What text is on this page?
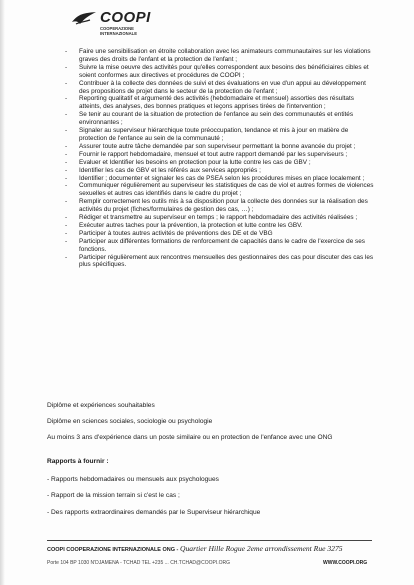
COOPI
COOPERAZIONE INTERNAZIONALE
- Faire une sensibilisation en étroite collaboration avec les animateurs communautaires sur les violations graves des droits de l'enfant et la protection de l'enfant ;
- Suivre la mise oeuvre des activités pour qu'elles correspondent aux besoins des bénéficiaires cibles et soient conformes aux directives et procédures de COOPI ;
- Contribuer à la collecte des données de suivi et des évaluations en vue d'un appui au développement des propositions de projet dans le secteur de la protection de l'enfant ;
- Reporting qualitatif et argumenté des activités (hebdomadaire et mensuel) assorties des résultats atteints, des analyses, des bonnes pratiques et leçons apprises tirées de l'intervention ;
- Se tenir au courant de la situation de protection de l'enfance au sein des communautés et entités environnantes ;
- Signaler au superviseur hiérarchique toute préoccupation, tendance et mis à jour en matière de protection de l'enfance au sein de la communauté ;
- Assurer toute autre tâche demandée par son superviseur permettant la bonne avancée du projet ;
- Fournir le rapport hebdomadaire, mensuel et tout autre rapport demandé par les superviseurs ;
- Evaluer et Identifier les besoins en protection pour la lutte contre les cas de GBV ;
- Identifier les cas de GBV et les référés aux services appropriés ;
- Identifier ; documenter et signaler les cas de PSEA selon les procédures mises en place localement ;
- Communiquer régulièrement au superviseur les statistiques de cas de viol et autres formes de violences sexuelles et autres cas identifiés dans le cadre du projet ;
- Remplir correctement les outils mis à sa disposition pour la collecte des données sur la réalisation des activités du projet (fiches/formulaires de gestion des cas, …) ;
- Rédiger et transmettre au superviseur en temps ; le rapport hebdomadaire des activités réalisées ;
- Exécuter autres taches pour la prévention, la protection et lutte contre les GBV.
- Participer à toutes autres activités de préventions des DE et de VBG
- Participer aux différentes formations de renforcement de capacités dans le cadre de l'exercice de ses fonctions.
- Participer régulièrement aux rencontres mensuelles des gestionnaires des cas pour discuter des cas les plus spécifiques.
Diplôme et expériences souhaitables
Diplôme en sciences sociales, sociologie ou psychologie
Au moins 3 ans d'expérience dans un poste similaire ou en protection de l'enfance avec une ONG
Rapports à fournir :
- Rapports hebdomadaires ou mensuels aux psychologues
- Rapport de la mission terrain si c'est le cas ;
- Des rapports extraordinaires demandés par le Superviseur hiérarchique
COOPI COOPERAZIONE INTERNAZIONALE ONG - Quartier Hille Rogue 2eme arrondissement Rue 3275
Porte 104 BP 1030 N'DJAMENA - TCHAD TEL +235 ... CH.TCHAD@COOPI.ORG	WWW.COOPI.ORG
